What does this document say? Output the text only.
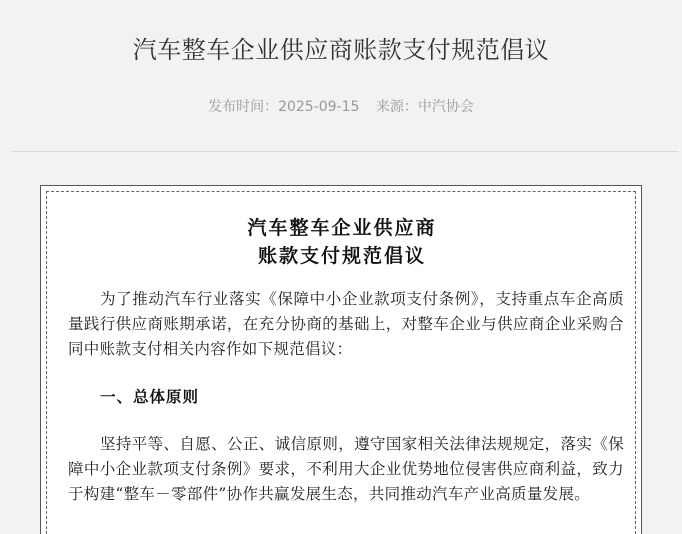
汽车整车企业供应商账款支付规范倡议
发布时间：2025-09-15 来源：中汽协会
汽车整车企业供应商
账款支付规范倡议

为了推动汽车行业落实《保障中小企业款项支付条例》，支持重点车企高质量践行供应商账期承诺，在充分协商的基础上，对整车企业与供应商企业采购合同中账款支付相关内容作如下规范倡议：

一、总体原则

坚持平等、自愿、公正、诚信原则，遵守国家相关法律法规规定，落实《保障中小企业款项支付条例》要求，不利用大企业优势地位侵害供应商利益，致力于构建“整车－零部件”协作共赢发展生态，共同推动汽车产业高质量发展。
